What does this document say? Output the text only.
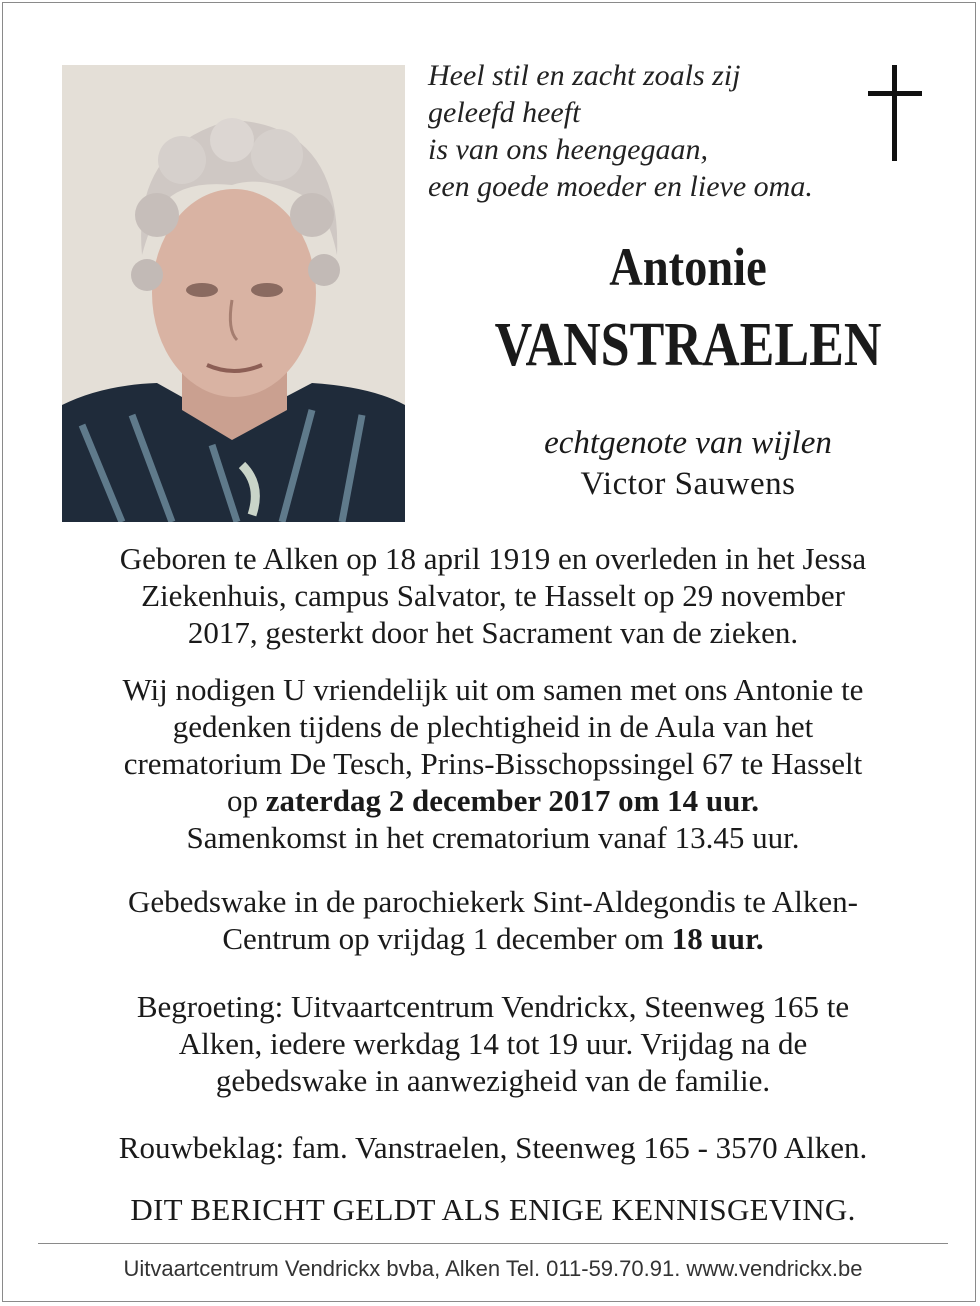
Heel stil en zacht zoals zij
geleefd heeft
is van ons heengegaan,
een goede moeder en lieve oma.
Antonie
VANSTRAELEN
echtgenote van wijlen
Victor Sauwens
Geboren te Alken op 18 april 1919 en overleden in het Jessa
Ziekenhuis, campus Salvator, te Hasselt op 29 november
2017, gesterkt door het Sacrament van de zieken.
Wij nodigen U vriendelijk uit om samen met ons Antonie te
gedenken tijdens de plechtigheid in de Aula van het
crematorium De Tesch, Prins-Bisschopssingel 67 te Hasselt
op zaterdag 2 december 2017 om 14 uur.
Samenkomst in het crematorium vanaf 13.45 uur.
Gebedswake in de parochiekerk Sint-Aldegondis te Alken-
Centrum op vrijdag 1 december om 18 uur.
Begroeting: Uitvaartcentrum Vendrickx, Steenweg 165 te
Alken, iedere werkdag 14 tot 19 uur. Vrijdag na de
gebedswake in aanwezigheid van de familie.
Rouwbeklag: fam. Vanstraelen, Steenweg 165 - 3570 Alken.
DIT BERICHT GELDT ALS ENIGE KENNISGEVING.
Uitvaartcentrum Vendrickx bvba, Alken Tel. 011-59.70.91. www.vendrickx.be
